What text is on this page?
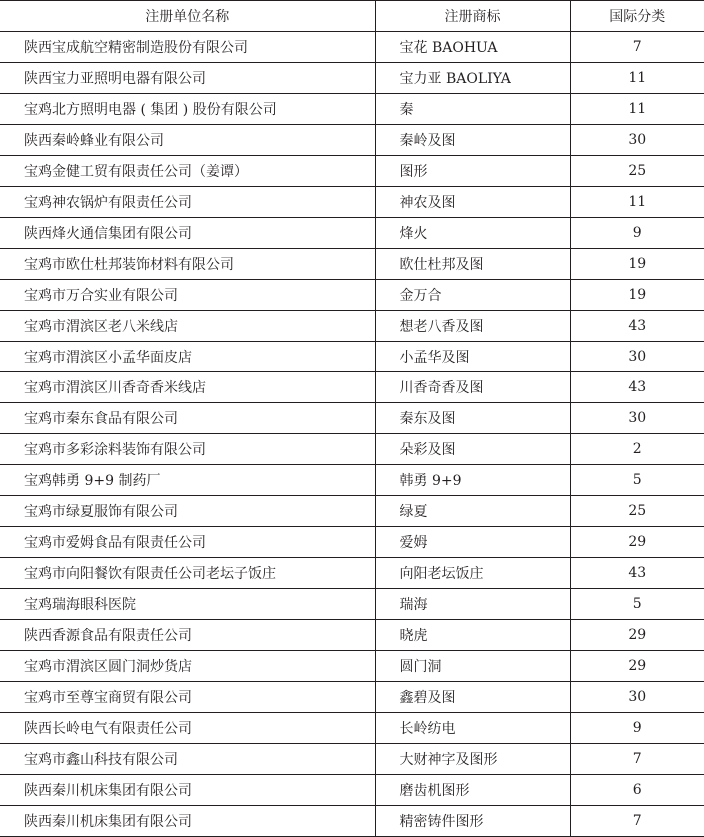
注册单位名称	注册商标	国际分类
陕西宝成航空精密制造股份有限公司	宝花 BAOHUA	7
陕西宝力亚照明电器有限公司	宝力亚 BAOLIYA	11
宝鸡北方照明电器 ( 集团 ) 股份有限公司	秦	11
陕西秦岭蜂业有限公司	秦岭及图	30
宝鸡金健工贸有限责任公司（姜谭）	图形	25
宝鸡神农锅炉有限责任公司	神农及图	11
陕西烽火通信集团有限公司	烽火	9
宝鸡市欧仕杜邦装饰材料有限公司	欧仕杜邦及图	19
宝鸡市万合实业有限公司	金万合	19
宝鸡市渭滨区老八米线店	想老八香及图	43
宝鸡市渭滨区小孟华面皮店	小孟华及图	30
宝鸡市渭滨区川香奇香米线店	川香奇香及图	43
宝鸡市秦东食品有限公司	秦东及图	30
宝鸡市多彩涂料装饰有限公司	朵彩及图	2
宝鸡韩勇 9+9 制药厂	韩勇 9+9	5
宝鸡市绿夏服饰有限公司	绿夏	25
宝鸡市爱姆食品有限责任公司	爱姆	29
宝鸡市向阳餐饮有限责任公司老坛子饭庄	向阳老坛饭庄	43
宝鸡瑞海眼科医院	瑞海	5
陕西香源食品有限责任公司	晓虎	29
宝鸡市渭滨区圆门洞炒货店	圆门洞	29
宝鸡市至尊宝商贸有限公司	鑫碧及图	30
陕西长岭电气有限责任公司	长岭纺电	9
宝鸡市鑫山科技有限公司	大财神字及图形	7
陕西秦川机床集团有限公司	磨齿机图形	6
陕西秦川机床集团有限公司	精密铸件图形	7
